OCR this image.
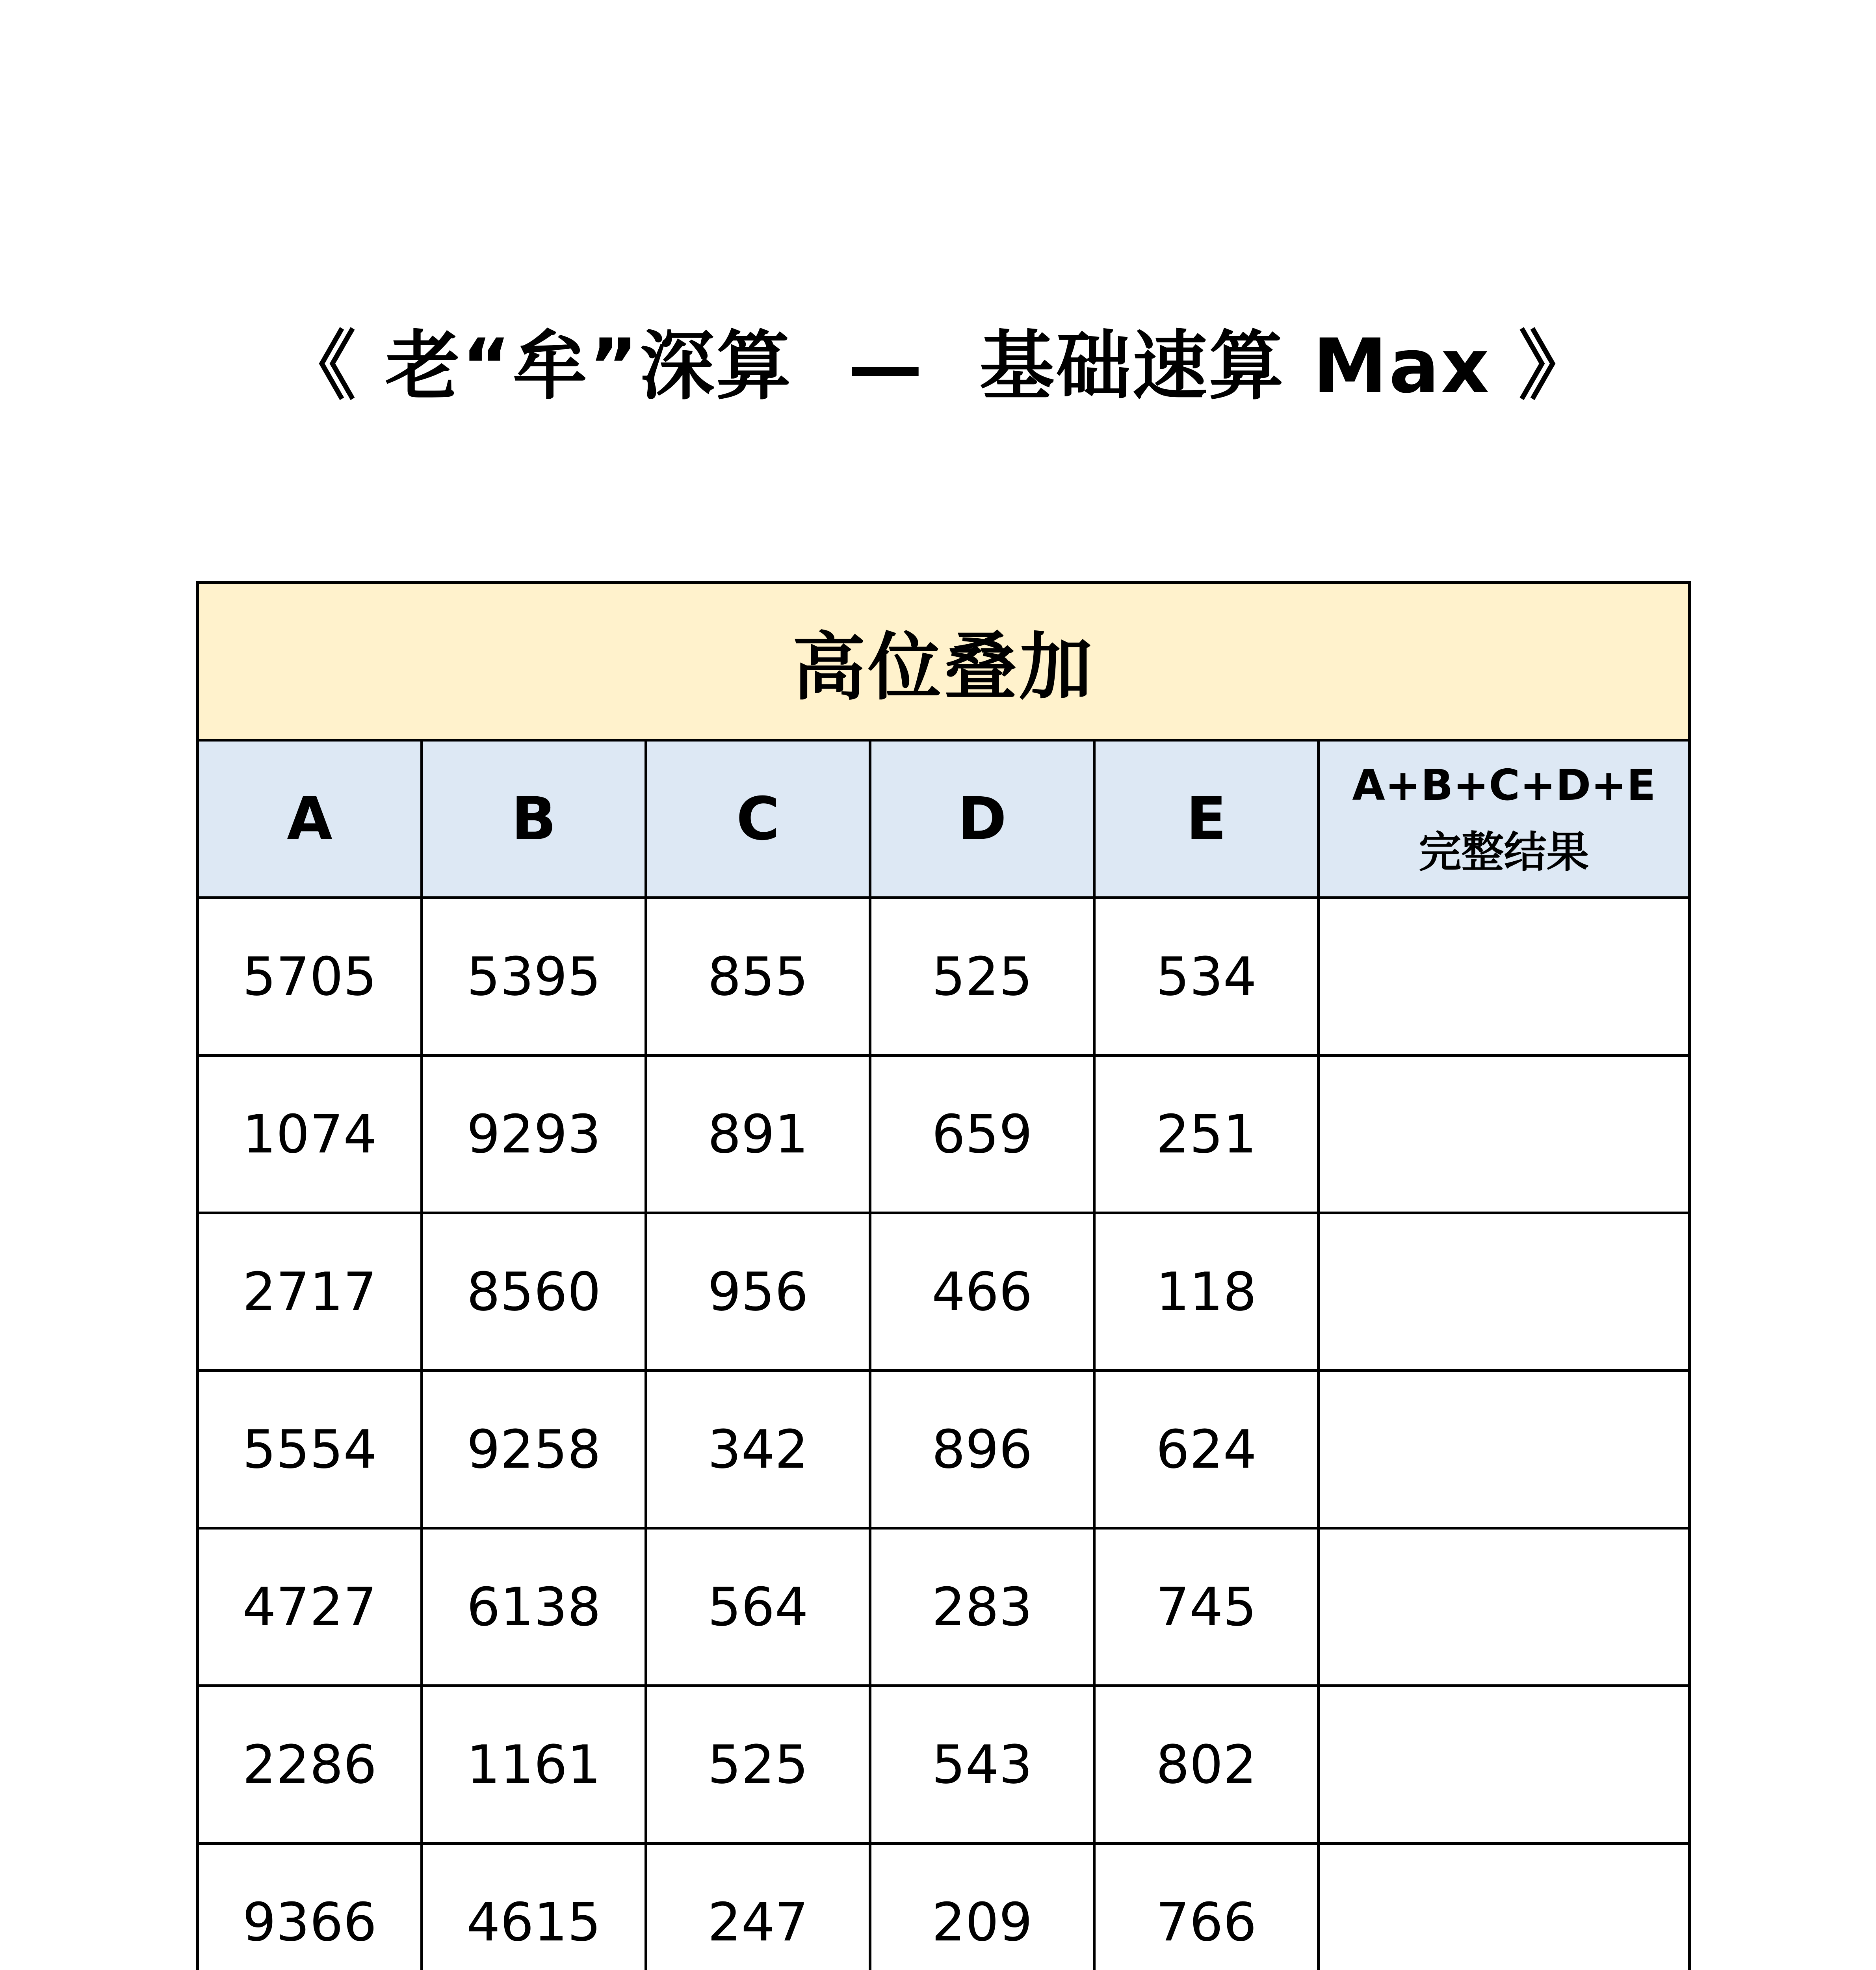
《 老“牟”深算  —  基础速算 Max 》
高位叠加					
A	B	C	D	E	A+B+C+D+E
完整结果

5705	5395	855	525	534	
1074	9293	891	659	251	
2717	8560	956	466	118	
5554	9258	342	896	624	
4727	6138	564	283	745	
2286	1161	525	543	802	
9366	4615	247	209	766	
